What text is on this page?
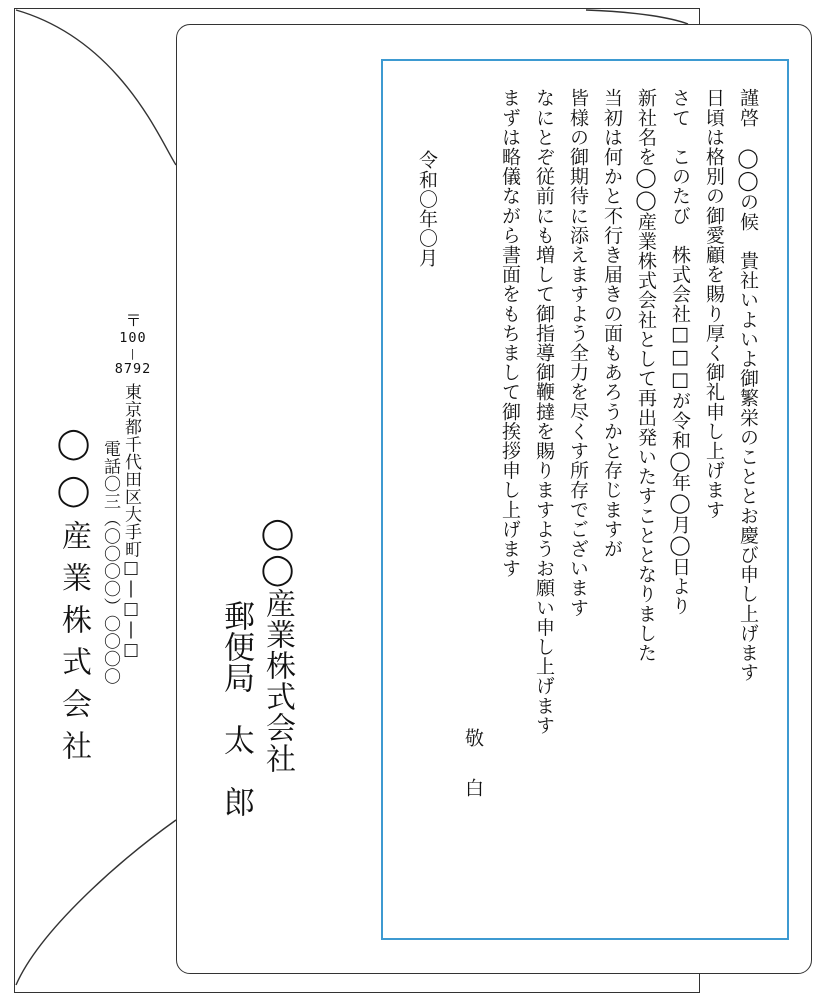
謹啓　◯◯の候　貴社いよいよ御繁栄のこととお慶び申し上げます
日頃は格別の御愛顧を賜り厚く御礼申し上げます
さて　このたび　株式会社□□□が令和◯年◯月◯日より
新社名を◯◯産業株式会社として再出発いたすこととなりました
当初は何かと不行き届きの面もあろうかと存じますが
皆様の御期待に添えますよう全力を尽くす所存でございます
なにとぞ従前にも増して御指導御鞭撻を賜りますようお願い申し上げます
まずは略儀ながら書面をもちまして御挨拶申し上げます
敬　白
令和〇年〇月
◯◯産業株式会社
郵便局　太　郎
〒
100
|
8792
東京都千代田区大手町□|□|□
電話〇三（〇〇〇〇）〇〇〇〇
◯◯産業株式会社
